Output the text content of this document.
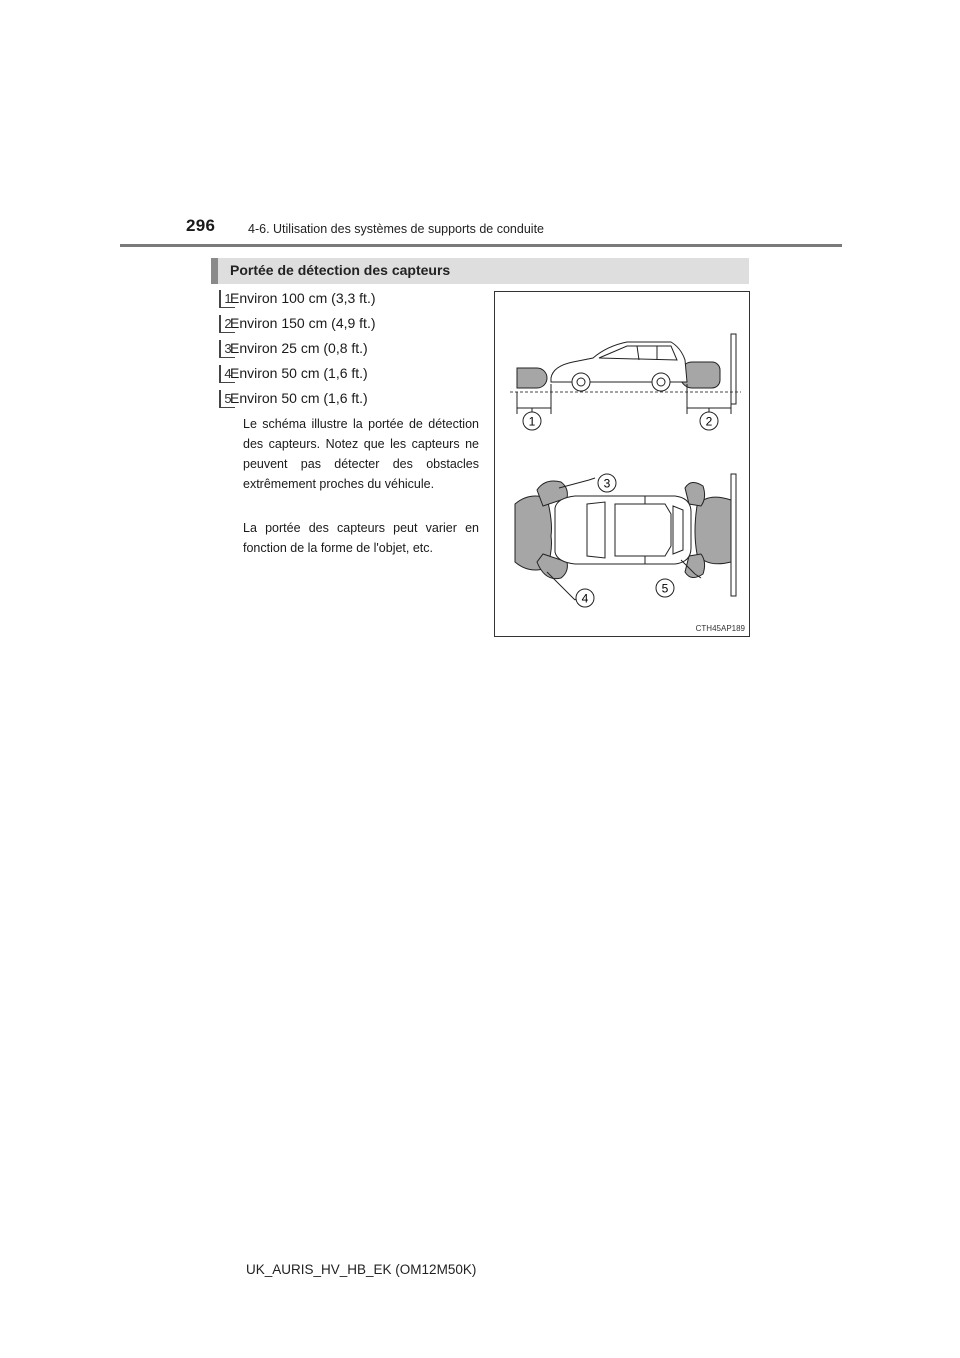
296	4-6. Utilisation des systèmes de supports de conduite
Portée de détection des capteurs
1
Environ 100 cm (3,3 ft.)
2
Environ 150 cm (4,9 ft.)
3
Environ 25 cm (0,8 ft.)
4
Environ 50 cm (1,6 ft.)
5
Environ 50 cm (1,6 ft.)

Le schéma illustre la portée de détection des capteurs. Notez que les capteurs ne peuvent pas détecter des obstacles extrêmement proches du véhicule.

La portée des capteurs peut varier en fonction de la forme de l'objet, etc.

1	2
3
4
5
CTH45AP189
UK_AURIS_HV_HB_EK (OM12M50K)
